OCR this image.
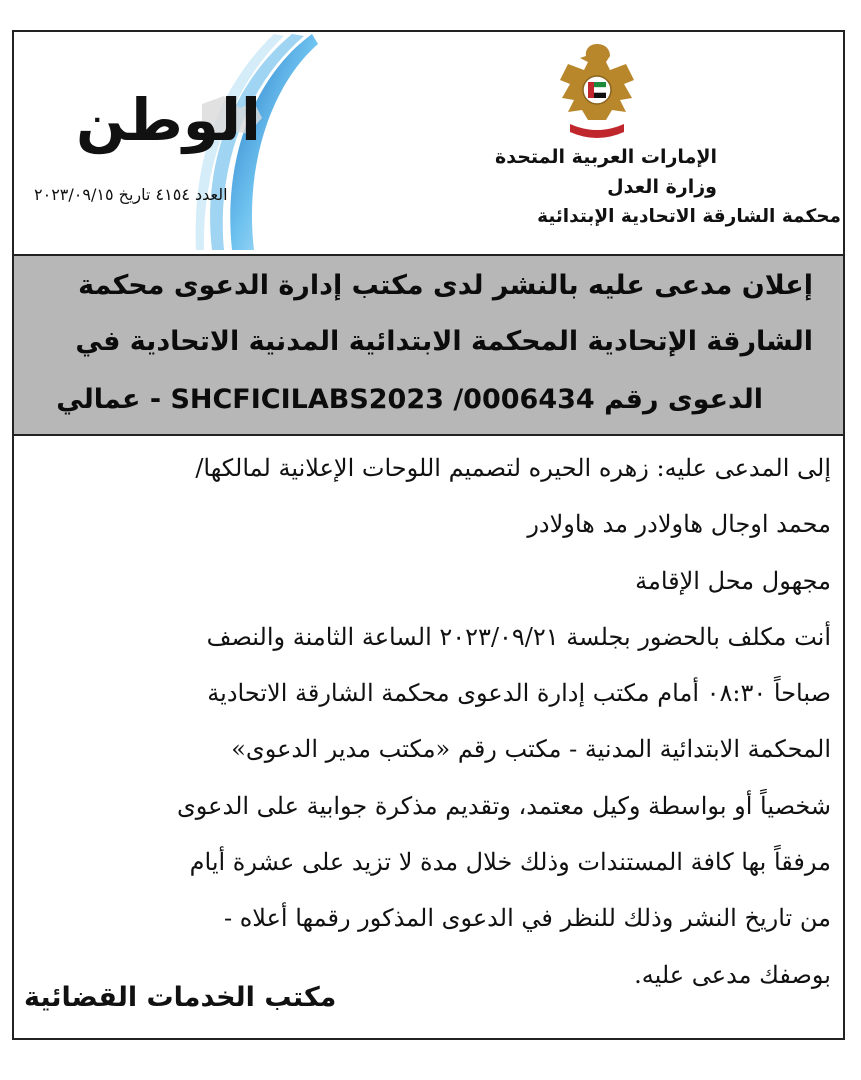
الوطن
العدد ٤١٥٤ تاريخ ٢٠٢٣/٠٩/١٥
الإمارات العربية المتحدة
وزارة العدل
محكمة الشارقة الاتحادية الإبتدائية
إعلان مدعى عليه بالنشر لدى مكتب إدارة الدعوى محكمة
الشارقة الإتحادية المحكمة الابتدائية المدنية الاتحادية في
الدعوى رقم SHCFICILABS2023 /0006434 - عمالي
إلى المدعى عليه: زهره الحيره لتصميم اللوحات الإعلانية لمالكها/
محمد اوجال هاولادر مد هاولادر
مجهول محل الإقامة
أنت مكلف بالحضور بجلسة ٢٠٢٣/٠٩/٢١ الساعة الثامنة والنصف
صباحاً ٠٨:٣٠ أمام مكتب إدارة الدعوى محكمة الشارقة الاتحادية
المحكمة الابتدائية المدنية - مكتب رقم «مكتب مدير الدعوى»
شخصياً أو بواسطة وكيل معتمد، وتقديم مذكرة جوابية على الدعوى
مرفقاً بها كافة المستندات وذلك خلال مدة لا تزيد على عشرة أيام
من تاريخ النشر وذلك للنظر في الدعوى المذكور رقمها أعلاه -
بوصفك مدعى عليه.
مكتب الخدمات القضائية
